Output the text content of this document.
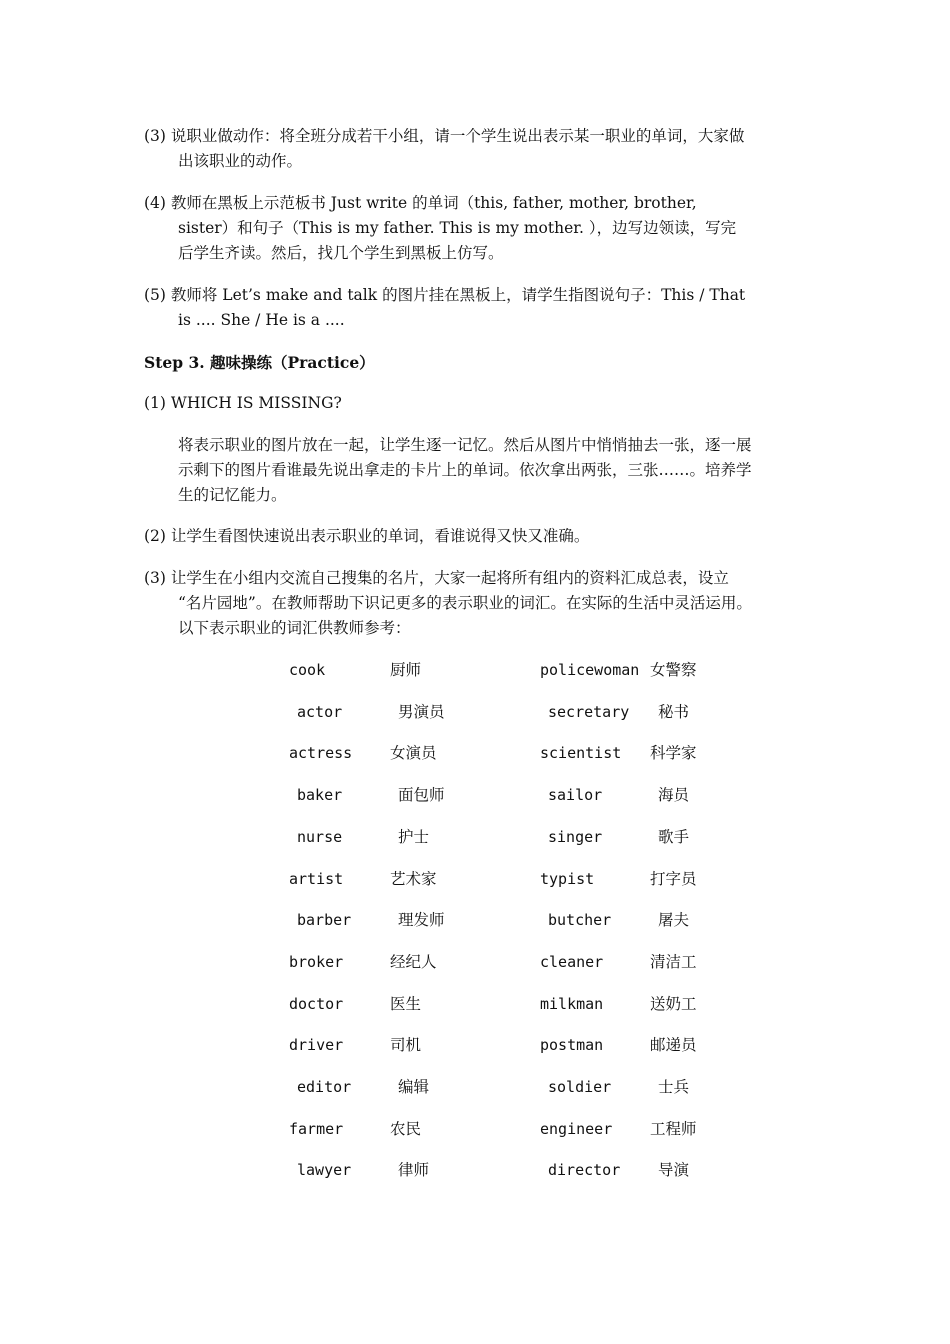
(3) 说职业做动作：将全班分成若干小组，请一个学生说出表示某一职业的单词，大家做
出该职业的动作。
(4) 教师在黑板上示范板书 Just write 的单词（this, father, mother, brother,
sister）和句子（This is my father. This is my mother. ），边写边领读，写完
后学生齐读。然后，找几个学生到黑板上仿写。
(5) 教师将 Let’s make and talk 的图片挂在黑板上，请学生指图说句子：This / That
is .... She / He is a ....
Step 3. 趣味操练（Practice）
(1) WHICH IS MISSING?
将表示职业的图片放在一起，让学生逐一记忆。然后从图片中悄悄抽去一张，逐一展
示剩下的图片看谁最先说出拿走的卡片上的单词。依次拿出两张，三张……。培养学
生的记忆能力。
(2) 让学生看图快速说出表示职业的单词，看谁说得又快又准确。
(3) 让学生在小组内交流自己搜集的名片，大家一起将所有组内的资料汇成总表，设立
“名片园地”。在教师帮助下识记更多的表示职业的词汇。在实际的生活中灵活运用。
以下表示职业的词汇供教师参考：
cook	厨师	policewoman 女警察
actor	男演员	secretary 秘书
actress 女演员	scientist 科学家
baker	面包师	sailor	海员
nurse	护士	singer	歌手
artist	艺术家	typist	打字员
barber	理发师	butcher	屠夫
broker	经纪人	cleaner	清洁工
doctor	医生	milkman	送奶工
driver	司机	postman	邮递员
editor	编辑	soldier	士兵
farmer	农民	engineer 工程师
lawyer	律师	director 导演
